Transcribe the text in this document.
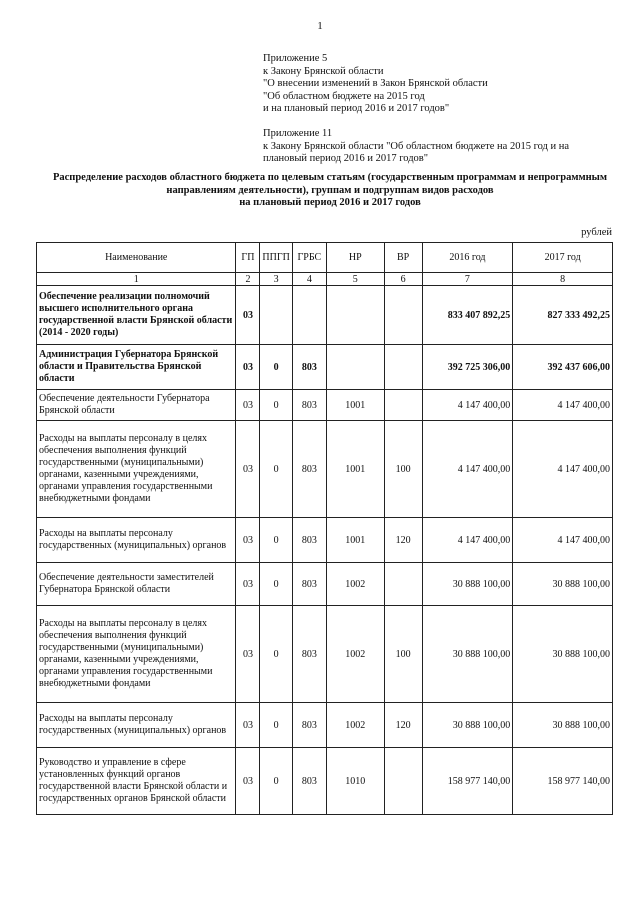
1
Приложение 5
к Закону Брянской области
"О внесении изменений в Закон Брянской области
"Об областном бюджете на 2015 год
и на плановый период 2016 и 2017 годов"
Приложение 11
к Закону Брянской области "Об областном бюджете на 2015 год и на
плановый период 2016 и 2017 годов"
Распределение расходов областного бюджета по целевым статьям (государственным программам и непрограммным
направлениям деятельности), группам и подгруппам видов расходов
на плановый период 2016 и 2017 годов
рублей
Наименование	ГП	ППГП	ГРБС	НР	ВР	2016 год	2017 год
1	2	3	4	5	6	7	8
Обеспечение реализации полномочий высшего исполнительного органа государственной власти Брянской области (2014 - 2020 годы)	03					833 407 892,25	827 333 492,25
Администрация Губернатора Брянской области и Правительства Брянской области	03	0	803			392 725 306,00	392 437 606,00
Обеспечение деятельности Губернатора Брянской области	03	0	803	1001		4 147 400,00	4 147 400,00
Расходы на выплаты персоналу в целях обеспечения выполнения функций государственными (муниципальными) органами, казенными учреждениями, органами управления государственными внебюджетными фондами	03	0	803	1001	100	4 147 400,00	4 147 400,00
Расходы на выплаты персоналу государственных (муниципальных) органов	03	0	803	1001	120	4 147 400,00	4 147 400,00
Обеспечение деятельности заместителей Губернатора Брянской области	03	0	803	1002		30 888 100,00	30 888 100,00
Расходы на выплаты персоналу в целях обеспечения выполнения функций государственными (муниципальными) органами, казенными учреждениями, органами управления государственными внебюджетными фондами	03	0	803	1002	100	30 888 100,00	30 888 100,00
Расходы на выплаты персоналу государственных (муниципальных) органов	03	0	803	1002	120	30 888 100,00	30 888 100,00
Руководство и управление в сфере установленных функций органов государственной власти Брянской области и государственных органов Брянской области	03	0	803	1010		158 977 140,00	158 977 140,00
